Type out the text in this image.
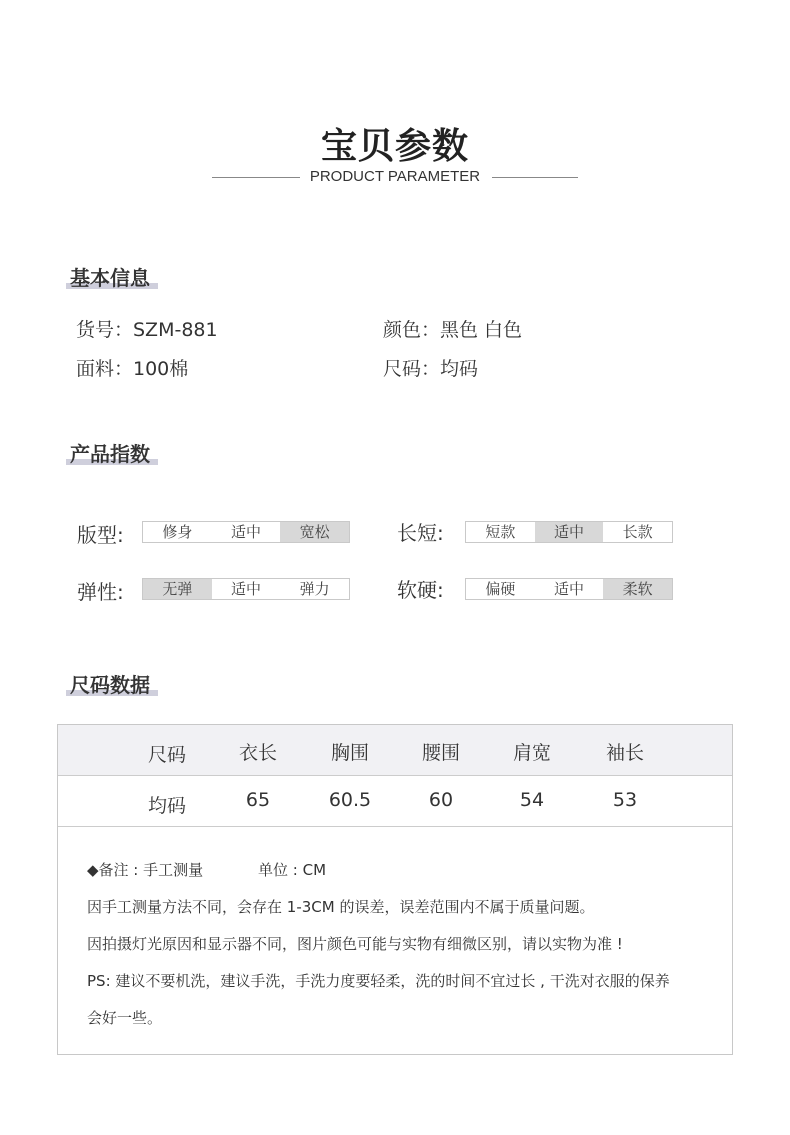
宝贝参数
PRODUCT PARAMETER
基本信息
货号：SZM-881	颜色：黑色 白色
面料：100棉	尺码：均码
产品指数
版型:	修身	适中	宽松	长短:	短款	适中	长款
弹性:	无弹	适中	弹力	软硬:	偏硬	适中	柔软
尺码数据
尺码	衣长	胸围	腰围	肩宽	袖长
均码	65	60.5	60	54	53
◆备注 : 手工测量	单位 : CM
因手工测量方法不同，会存在 1-3CM 的误差，误差范围内不属于质量问题。
因拍摄灯光原因和显示器不同，图片颜色可能与实物有细微区别，请以实物为准 !
PS: 建议不要机洗，建议手洗，手洗力度要轻柔，洗的时间不宜过长 , 干洗对衣服的保养
会好一些。
